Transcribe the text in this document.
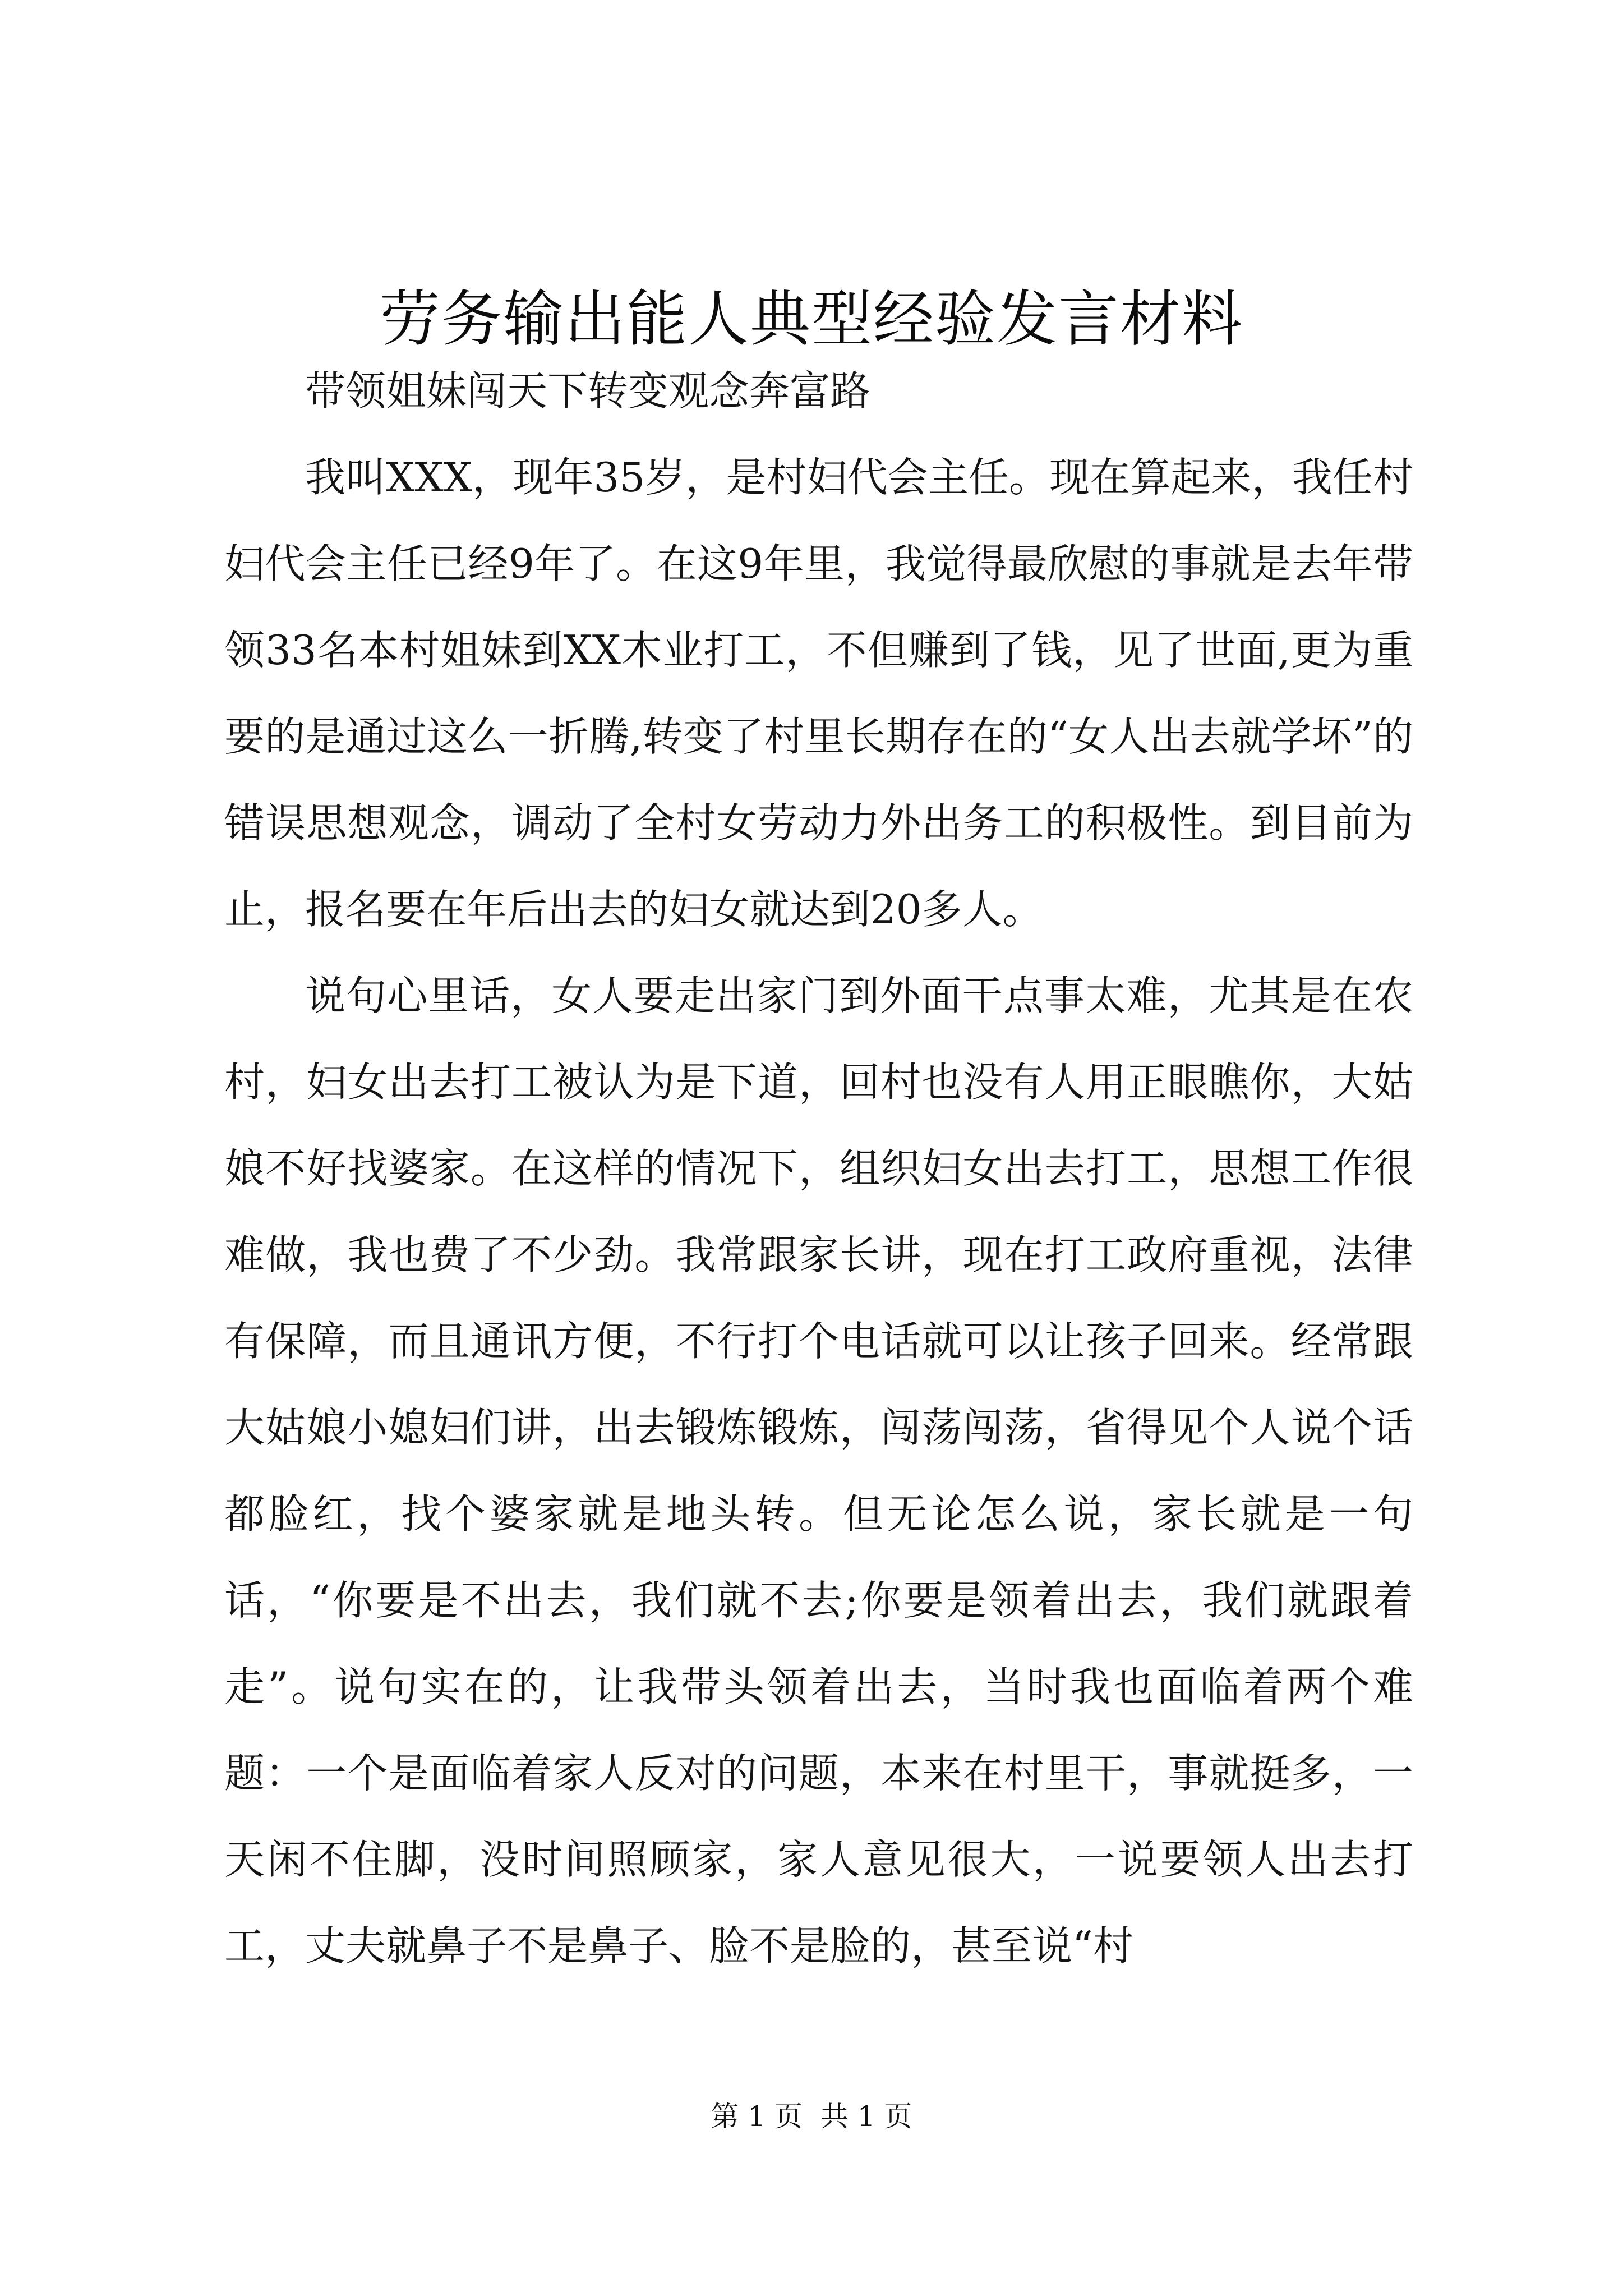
劳务输出能人典型经验发言材料

带领姐妹闯天下转变观念奔富路

我叫XXX，现年35岁，是村妇代会主任。现在算起来，我任村妇代会主任已经9年了。在这9年里，我觉得最欣慰的事就是去年带领33名本村姐妹到XX木业打工，不但赚到了钱，见了世面,更为重要的是通过这么一折腾,转变了村里长期存在的“女人出去就学坏”的错误思想观念，调动了全村女劳动力外出务工的积极性。到目前为止，报名要在年后出去的妇女就达到20多人。

说句心里话，女人要走出家门到外面干点事太难，尤其是在农村，妇女出去打工被认为是下道，回村也没有人用正眼瞧你，大姑娘不好找婆家。在这样的情况下，组织妇女出去打工，思想工作很难做，我也费了不少劲。我常跟家长讲，现在打工政府重视，法律有保障，而且通讯方便，不行打个电话就可以让孩子回来。经常跟大姑娘小媳妇们讲，出去锻炼锻炼，闯荡闯荡，省得见个人说个话都脸红，找个婆家就是地头转。但无论怎么说，家长就是一句话，“你要是不出去，我们就不去;你要是领着出去，我们就跟着走”。说句实在的，让我带头领着出去，当时我也面临着两个难题：一个是面临着家人反对的问题，本来在村里干，事就挺多，一天闲不住脚，没时间照顾家，家人意见很大，一说要领人出去打工，丈夫就鼻子不是鼻子、脸不是脸的，甚至说“村

第 1 页  共 1 页
